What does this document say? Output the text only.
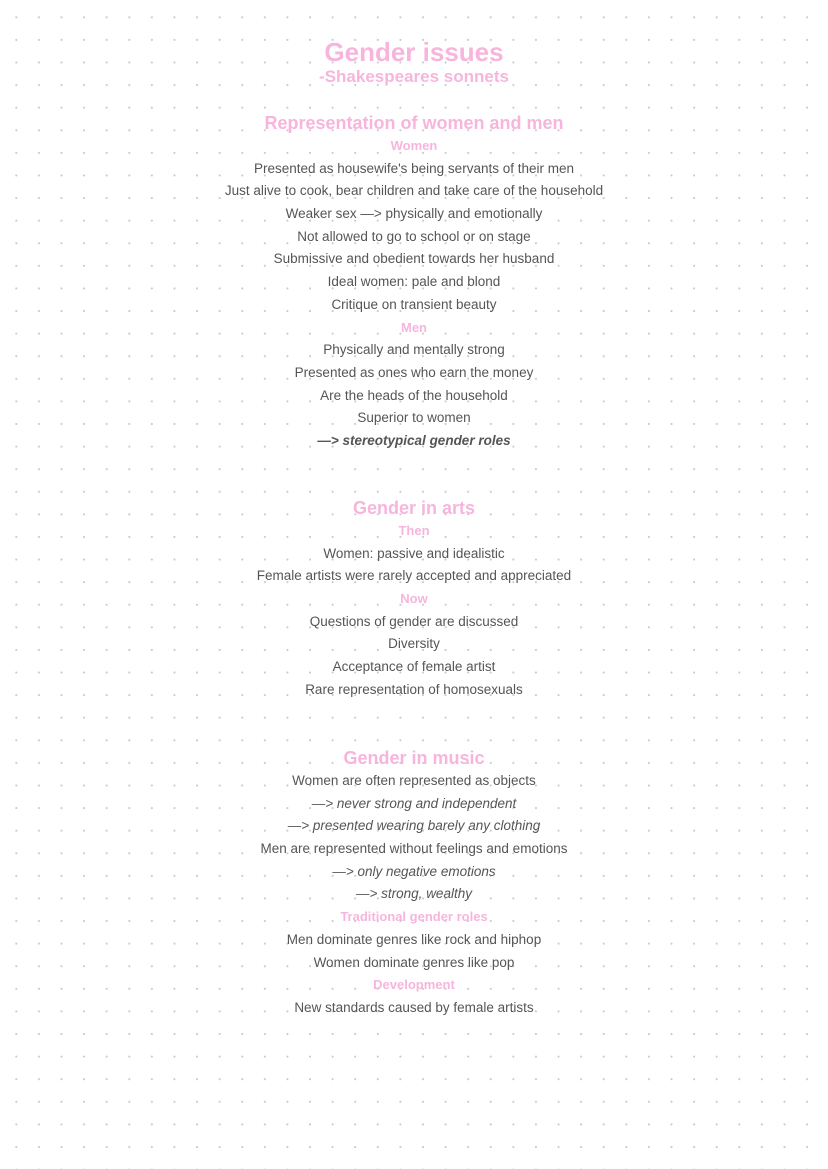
Gender issues
-Shakespeares sonnets
Representation of women and men
Women
Presented as housewife's being servants of their men
Just alive to cook, bear children and take care of the household
Weaker sex —> physically and emotionally
Not allowed to go to school or on stage
Submissive and obedient towards her husband
Ideal women: pale and blond
Critique on transient beauty
Men
Physically and mentally strong
Presented as ones who earn the money
Are the heads of the household
Superior to women
—> stereotypical gender roles
Gender in arts
Then
Women: passive and idealistic
Female artists were rarely accepted and appreciated
Now
Questions of gender are discussed
Diversity
Acceptance of female artist
Rare representation of homosexuals
Gender in music
Women are often represented as objects
—> never strong and independent
—> presented wearing barely any clothing
Men are represented without feelings and emotions
—> only negative emotions
—> strong, wealthy
Traditional gender roles
Men dominate genres like rock and hiphop
Women dominate genres like pop
Development
New standards caused by female artists
